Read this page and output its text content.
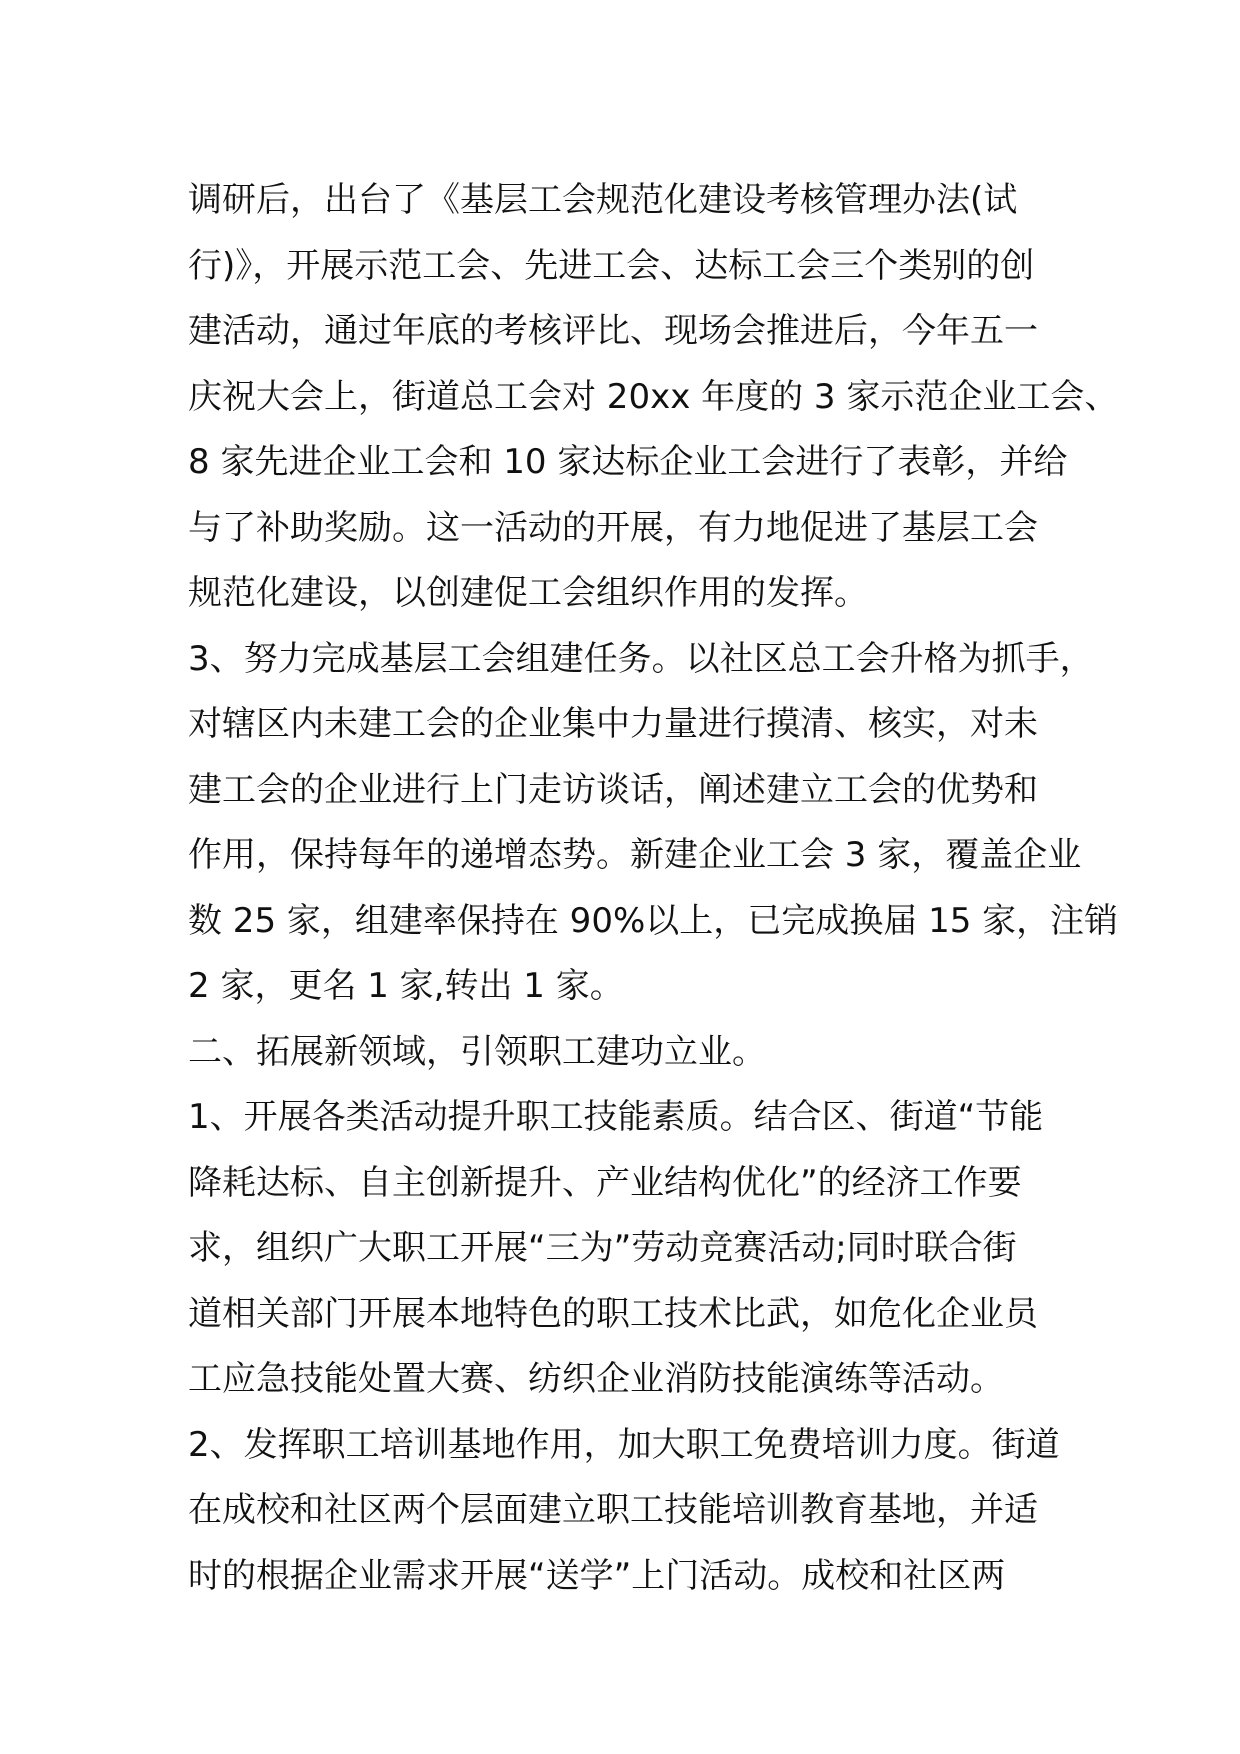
调研后，出台了《基层工会规范化建设考核管理办法(试
行)》，开展示范工会、先进工会、达标工会三个类别的创
建活动，通过年底的考核评比、现场会推进后，今年五一
庆祝大会上，街道总工会对 20xx 年度的 3 家示范企业工会、
8 家先进企业工会和 10 家达标企业工会进行了表彰，并给
与了补助奖励。这一活动的开展，有力地促进了基层工会
规范化建设，以创建促工会组织作用的发挥。
3、努力完成基层工会组建任务。以社区总工会升格为抓手，
对辖区内未建工会的企业集中力量进行摸清、核实，对未
建工会的企业进行上门走访谈话，阐述建立工会的优势和
作用，保持每年的递增态势。新建企业工会 3 家，覆盖企业
数 25 家，组建率保持在 90%以上，已完成换届 15 家，注销
2 家，更名 1 家,转出 1 家。
二、拓展新领域，引领职工建功立业。
1、开展各类活动提升职工技能素质。结合区、街道“节能
降耗达标、自主创新提升、产业结构优化”的经济工作要
求，组织广大职工开展“三为”劳动竞赛活动;同时联合街
道相关部门开展本地特色的职工技术比武，如危化企业员
工应急技能处置大赛、纺织企业消防技能演练等活动。
2、发挥职工培训基地作用，加大职工免费培训力度。街道
在成校和社区两个层面建立职工技能培训教育基地，并适
时的根据企业需求开展“送学”上门活动。成校和社区两
